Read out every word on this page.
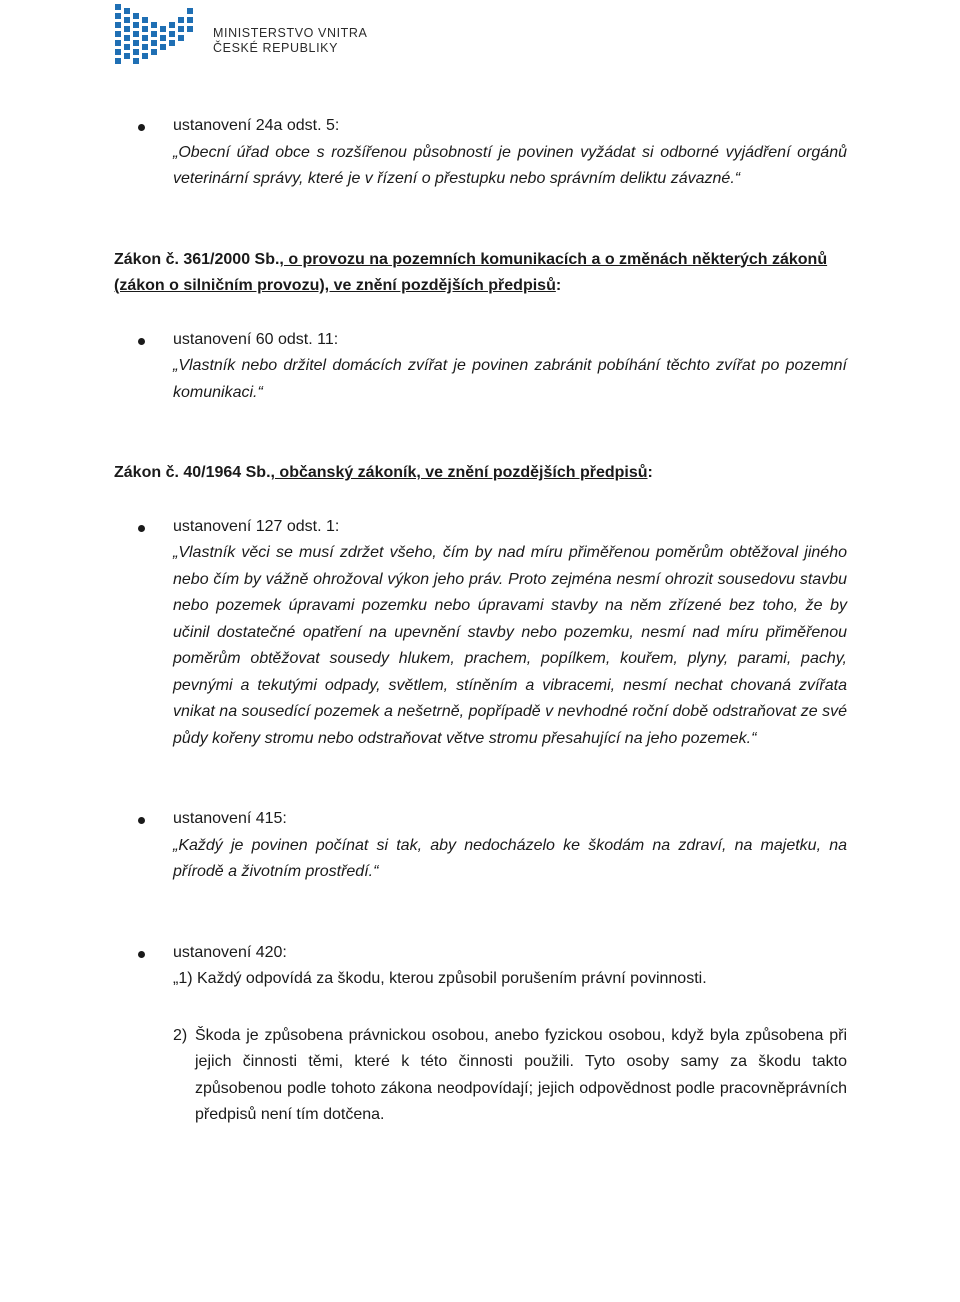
MINISTERSTVO VNITRA
ČESKÉ REPUBLIKY
ustanovení 24a odst. 5:
„Obecní úřad obce s rozšířenou působností je povinen vyžádat si odborné vyjádření orgánů veterinární správy, které je v řízení o přestupku nebo správním deliktu závazné.“
Zákon č. 361/2000 Sb., o provozu na pozemních komunikacích a o změnách některých zákonů (zákon o silničním provozu), ve znění pozdějších předpisů:
ustanovení 60 odst. 11:
„Vlastník nebo držitel domácích zvířat je povinen zabránit pobíhání těchto zvířat po pozemní komunikaci.“
Zákon č. 40/1964 Sb., občanský zákoník, ve znění pozdějších předpisů:
ustanovení 127 odst. 1:
„Vlastník věci se musí zdržet všeho, čím by nad míru přiměřenou poměrům obtěžoval jiného nebo čím by vážně ohrožoval výkon jeho práv. Proto zejména nesmí ohrozit sousedovu stavbu nebo pozemek úpravami pozemku nebo úpravami stavby na něm zřízené bez toho, že by učinil dostatečné opatření na upevnění stavby nebo pozemku, nesmí nad míru přiměřenou poměrům obtěžovat sousedy hlukem, prachem, popílkem, kouřem, plyny, parami, pachy, pevnými a tekutými odpady, světlem, stíněním a vibracemi, nesmí nechat chovaná zvířata vnikat na sousedící pozemek a nešetrně, popřípadě v nevhodné roční době odstraňovat ze své půdy kořeny stromu nebo odstraňovat větve stromu přesahující na jeho pozemek.“
ustanovení 415:
„Každý je povinen počínat si tak, aby nedocházelo ke škodám na zdraví, na majetku, na přírodě a životním prostředí.“
ustanovení 420:
„1) Každý odpovídá za škodu, kterou způsobil porušením právní povinnosti.
2) Škoda je způsobena právnickou osobou, anebo fyzickou osobou, když byla způsobena při jejich činnosti těmi, které k této činnosti použili. Tyto osoby samy za škodu takto způsobenou podle tohoto zákona neodpovídají; jejich odpovědnost podle pracovněprávních předpisů není tím dotčena.
